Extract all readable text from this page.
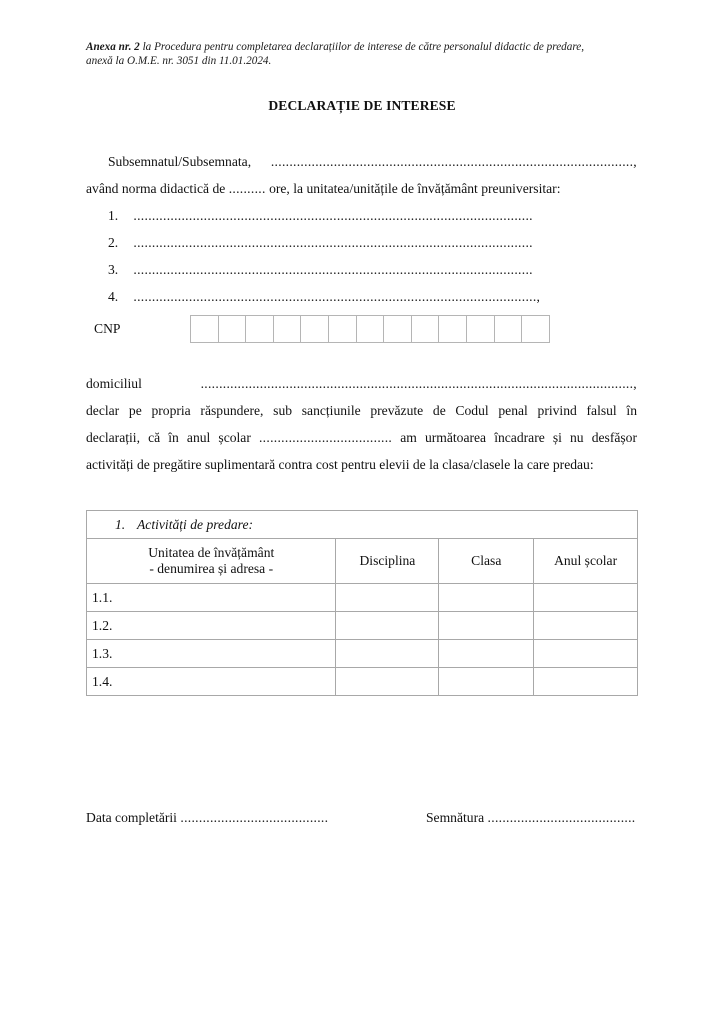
Anexa nr. 2 la Procedura pentru completarea declarațiilor de interese de către personalul didactic de predare,
anexă la O.M.E. nr. 3051 din 11.01.2024.
DECLARAȚIE DE INTERESE
Subsemnatul/Subsemnata, ..................................................................................................,
având norma didactică de .......... ore, la unitatea/unitățile de învățământ preuniversitar:
1. ............................................................................................................
2. ............................................................................................................
3. ............................................................................................................
4. .............................................................................................................,
CNP
domiciliul	.....................................................................................................................,
declar pe propria răspundere, sub sancțiunile prevăzute de Codul penal privind falsul în
declarații, că în anul școlar .................................... am următoarea încadrare și nu desfășor
activități de pregătire suplimentară contra cost pentru elevii de la clasa/clasele la care predau:
1. Activități de predare:			

Unitatea de învățământ
- denumirea și adresa -	Disciplina	Clasa	Anul școlar
1.1.			
1.2.			
1.3.			
1.4.			
Data completării ........................................	Semnătura ........................................
